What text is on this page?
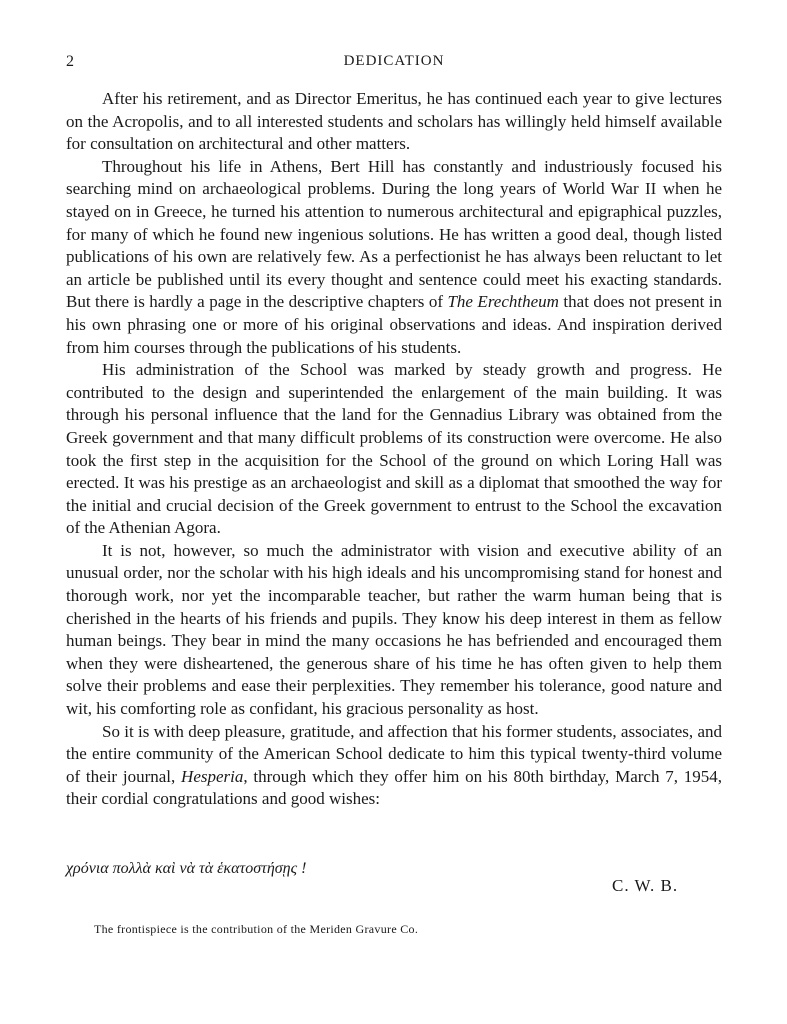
2	DEDICATION

After his retirement, and as Director Emeritus, he has continued each year to give lectures on the Acropolis, and to all interested students and scholars has willingly held himself available for consultation on architectural and other matters.

Throughout his life in Athens, Bert Hill has constantly and industriously focused his searching mind on archaeological problems. During the long years of World War II when he stayed on in Greece, he turned his attention to numerous architectural and epigraphical puzzles, for many of which he found new ingenious solutions. He has written a good deal, though listed publications of his own are relatively few. As a perfectionist he has always been reluctant to let an article be published until its every thought and sentence could meet his exacting standards. But there is hardly a page in the descriptive chapters of The Erechtheum that does not present in his own phrasing one or more of his original observations and ideas. And inspiration derived from him courses through the publications of his students.

His administration of the School was marked by steady growth and progress. He contributed to the design and superintended the enlargement of the main building. It was through his personal influence that the land for the Gennadius Library was obtained from the Greek government and that many difficult problems of its construction were overcome. He also took the first step in the acquisition for the School of the ground on which Loring Hall was erected. It was his prestige as an archaeologist and skill as a diplomat that smoothed the way for the initial and crucial decision of the Greek government to entrust to the School the excavation of the Athenian Agora.

It is not, however, so much the administrator with vision and executive ability of an unusual order, nor the scholar with his high ideals and his uncompromising stand for honest and thorough work, nor yet the incomparable teacher, but rather the warm human being that is cherished in the hearts of his friends and pupils. They know his deep interest in them as fellow human beings. They bear in mind the many occasions he has befriended and encouraged them when they were disheartened, the generous share of his time he has often given to help them solve their problems and ease their perplexities. They remember his tolerance, good nature and wit, his comforting role as confidant, his gracious personality as host.

So it is with deep pleasure, gratitude, and affection that his former students, associates, and the entire community of the American School dedicate to him this typical twenty-third volume of their journal, Hesperia, through which they offer him on his 80th birthday, March 7, 1954, their cordial congratulations and good wishes:

χρόνια πολλὰ καὶ νὰ τὰ ἑκατοστήσῃς !
C. W. B.
The frontispiece is the contribution of the Meriden Gravure Co.
